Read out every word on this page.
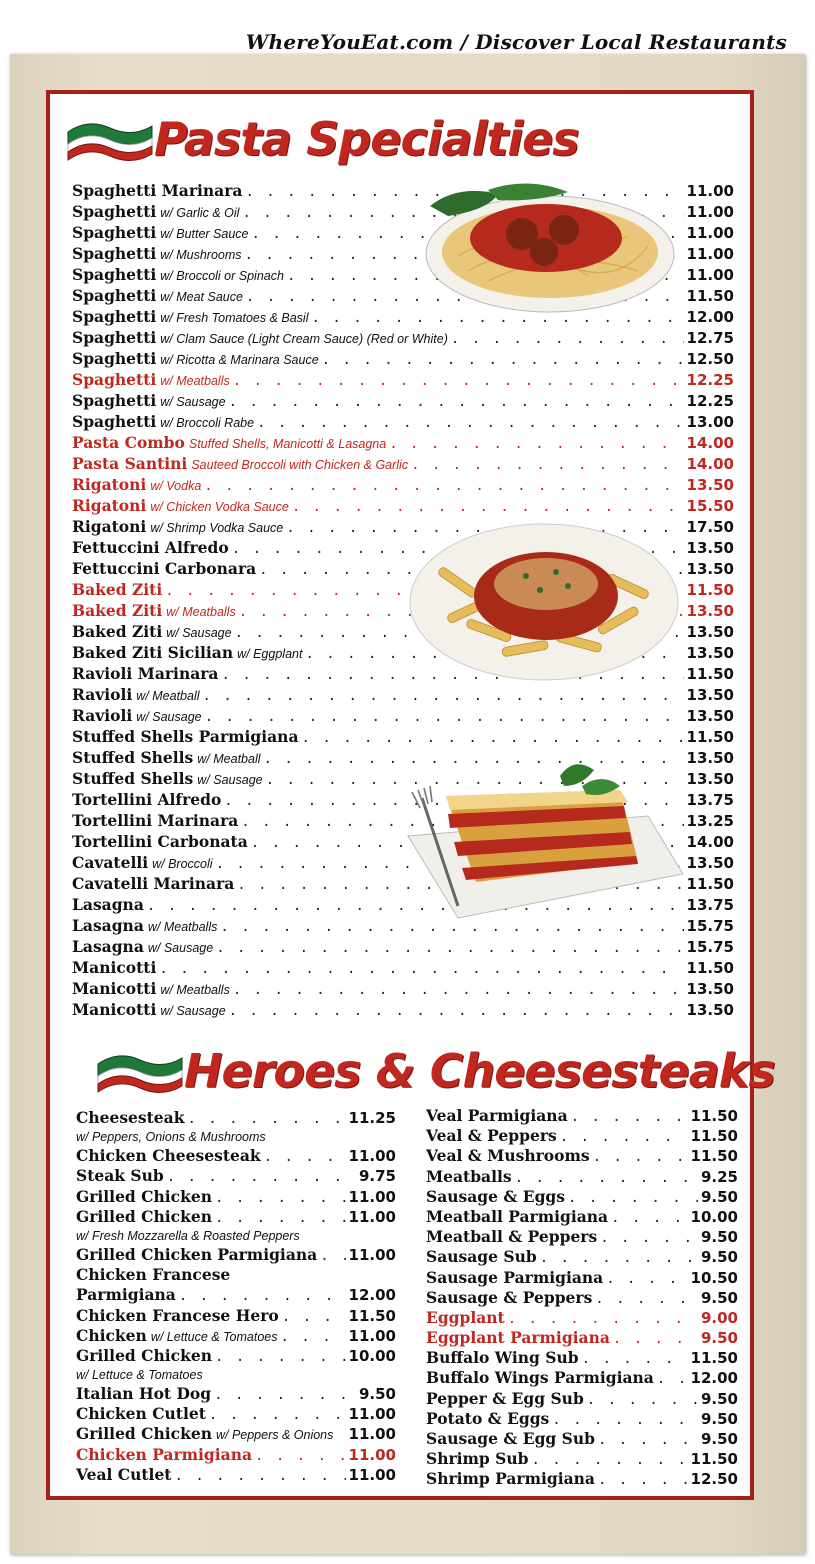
WhereYouEat.com / Discover Local Restaurants
Pasta Specialties
Spaghetti Marinara . . .	11.00
Spaghetti w/ Garlic & Oil . . .	11.00
Spaghetti w/ Butter Sauce . . .	11.00
Spaghetti w/ Mushrooms . . .	11.00
Spaghetti w/ Broccoli or Spinach . . .	11.00
Spaghetti w/ Meat Sauce . . .	11.50
Spaghetti w/ Fresh Tomatoes & Basil . . .	12.00
Spaghetti w/ Clam Sauce (Light Cream Sauce) (Red or White) . . .	12.75
Spaghetti w/ Ricotta & Marinara Sauce . . .	12.50
Spaghetti w/ Meatballs . . .	12.25
Spaghetti w/ Sausage . . .	12.25
Spaghetti w/ Broccoli Rabe . . .	13.00
Pasta Combo Stuffed Shells, Manicotti & Lasagna . . .	14.00
Pasta Santini Sauteed Broccoli with Chicken & Garlic . . .	14.00
Rigatoni w/ Vodka . . .	13.50
Rigatoni w/ Chicken Vodka Sauce . . .	15.50
Rigatoni w/ Shrimp Vodka Sauce . . .	17.50
Fettuccini Alfredo . . .	13.50
Fettuccini Carbonara . . .	13.50
Baked Ziti . . .	11.50
Baked Ziti w/ Meatballs . . .	13.50
Baked Ziti w/ Sausage . . .	13.50
Baked Ziti Sicilian w/ Eggplant . . .	13.50
Ravioli Marinara . . .	11.50
Ravioli w/ Meatball . . .	13.50
Ravioli w/ Sausage . . .	13.50
Stuffed Shells Parmigiana . . .	11.50
Stuffed Shells w/ Meatball . . .	13.50
Stuffed Shells w/ Sausage . . .	13.50
Tortellini Alfredo . . .	13.75
Tortellini Marinara . . .	13.25
Tortellini Carbonata . . .	14.00
Cavatelli w/ Broccoli . . .	13.50
Cavatelli Marinara . . .	11.50
Lasagna . . .	13.75
Lasagna w/ Meatballs . . .	15.75
Lasagna w/ Sausage . . .	15.75
Manicotti . . .	11.50
Manicotti w/ Meatballs . . .	13.50
Manicotti w/ Sausage . . .	13.50
Heroes & Cheesesteaks
Cheesesteak . . .	11.25
w/ Peppers, Onions & Mushrooms
Chicken Cheesesteak . . .	11.00
Steak Sub . . .	9.75
Grilled Chicken . . .	11.00
Grilled Chicken . . .	11.00
w/ Fresh Mozzarella & Roasted Peppers
Grilled Chicken Parmigiana . . . 11.00
Chicken Francese
Parmigiana . . .	12.00
Chicken Francese Hero . . .	11.50
Chicken w/ Lettuce & Tomatoes . . .	11.00
Grilled Chicken . . .	10.00
w/ Lettuce & Tomatoes
Italian Hot Dog . . .	9.50
Chicken Cutlet . . .	11.00
Grilled Chicken w/ Peppers & Onions 11.00
Chicken Parmigiana . . .	11.00
Veal Cutlet . . .	11.00
Veal Parmigiana . . .	11.50
Veal & Peppers . . .	11.50
Veal & Mushrooms . . .	11.50
Meatballs . . .	9.25
Sausage & Eggs . . .	9.50
Meatball Parmigiana . . .	10.00
Meatball & Peppers . . .	9.50
Sausage Sub . . .	9.50
Sausage Parmigiana . . .	10.50
Sausage & Peppers . . .	9.50
Eggplant . . .	9.00
Eggplant Parmigiana . . .	9.50
Buffalo Wing Sub . . .	11.50
Buffalo Wings Parmigiana . . . 12.00
Pepper & Egg Sub . . .	9.50
Potato & Eggs . . .	9.50
Sausage & Egg Sub . . .	9.50
Shrimp Sub . . .	11.50
Shrimp Parmigiana . . .	12.50
